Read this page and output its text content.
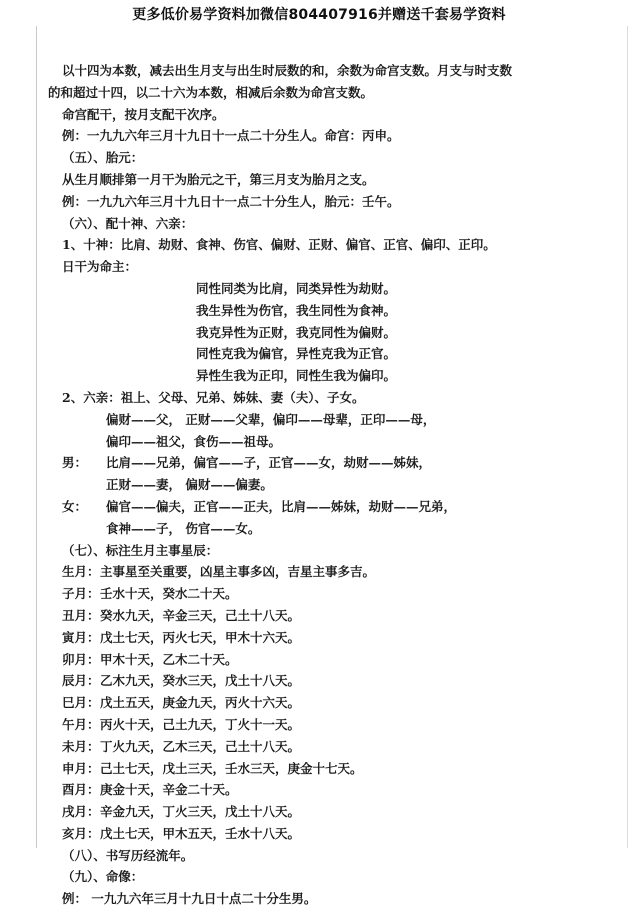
更多低价易学资料加微信804407916并赠送千套易学资料
以十四为本数，减去出生月支与出生时辰数的和，余数为命宫支数。月支与时支数
的和超过十四，以二十六为本数，相减后余数为命宫支数。
命宫配干，按月支配干次序。
例：一九九六年三月十九日十一点二十分生人。命宫：丙申。
（五）、胎元：
从生月顺排第一月干为胎元之干，第三月支为胎月之支。
例：一九九六年三月十九日十一点二十分生人，胎元：壬午。
（六）、配十神、六亲：
1、十神：比肩、劫财、食神、伤官、偏财、正财、偏官、正官、偏印、正印。
日干为命主：
同性同类为比肩，同类异性为劫财。
我生异性为伤官，我生同性为食神。
我克异性为正财，我克同性为偏财。
同性克我为偏官，异性克我为正官。
异性生我为正印，同性生我为偏印。
2、六亲：祖上、父母、兄弟、姊妹、妻（夫）、子女。
偏财——父， 正财——父辈，偏印——母辈，正印——母，
偏印——祖父，食伤——祖母。
男：	比肩——兄弟，偏官——子，正官——女，劫财——姊妹，
正财——妻， 偏财——偏妻。
女：	偏官——偏夫，正官——正夫，比肩——姊妹，劫财——兄弟，
食神——子， 伤官——女。
（七）、标注生月主事星辰：
生月： 主事星至关重要，凶星主事多凶，吉星主事多吉。
子月： 壬水十天，癸水二十天。
丑月： 癸水九天，辛金三天，己土十八天。
寅月： 戊土七天，丙火七天，甲木十六天。
卯月： 甲木十天，乙木二十天。
辰月： 乙木九天，癸水三天，戊土十八天。
巳月： 戊土五天，庚金九天，丙火十六天。
午月： 丙火十天，己土九天，丁火十一天。
未月： 丁火九天，乙木三天，己土十八天。
申月： 己土七天，戊土三天，壬水三天，庚金十七天。
酉月： 庚金十天，辛金二十天。
戌月： 辛金九天，丁火三天，戊土十八天。
亥月： 戊土七天，甲木五天，壬水十八天。
（八）、书写历经流年。
（九）、命像：
例： 一九九六年三月十九日十点二十分生男。
